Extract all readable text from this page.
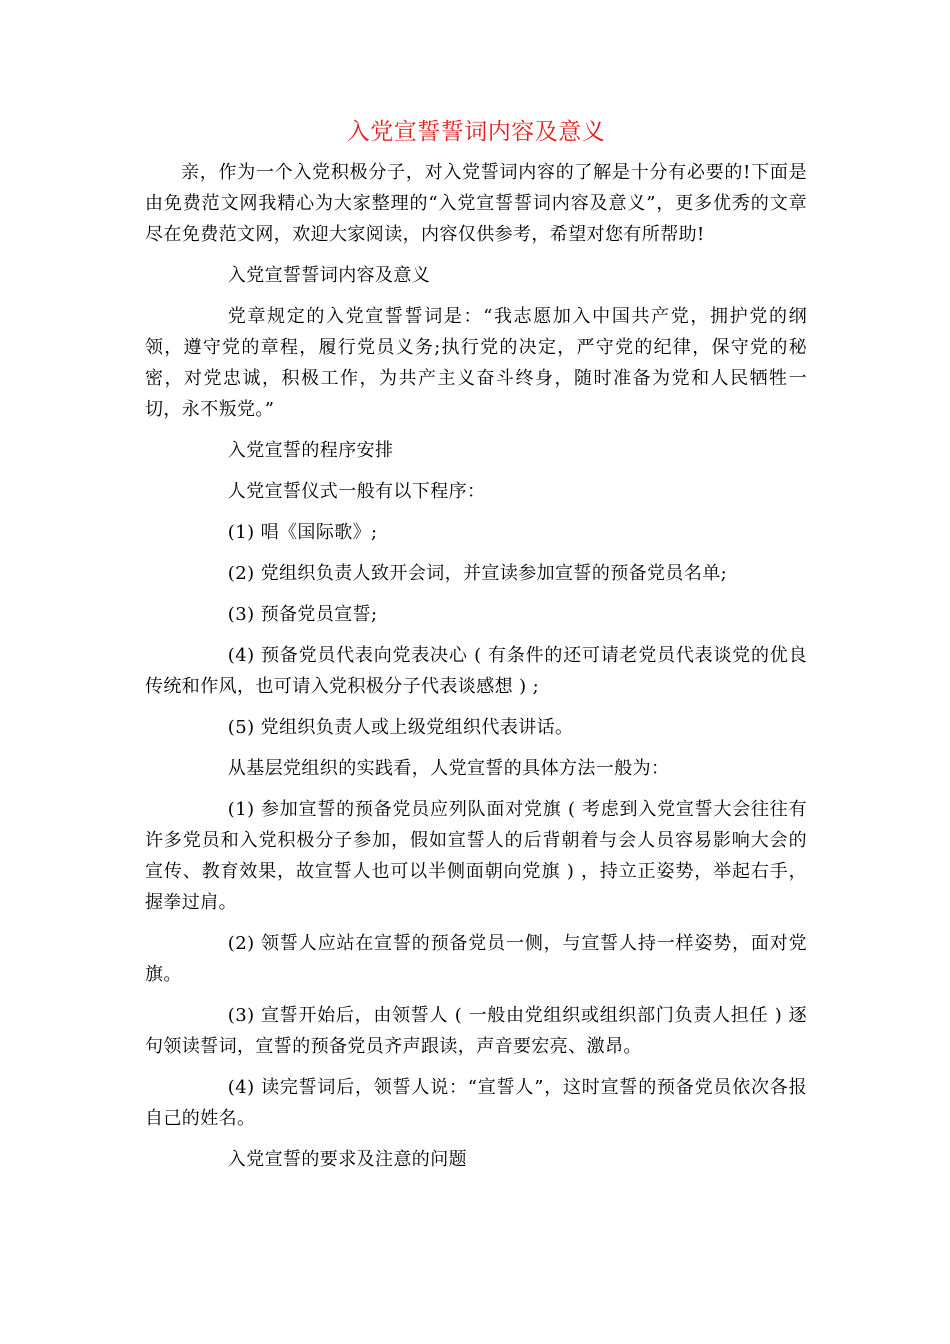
入党宣誓誓词内容及意义

亲，作为一个入党积极分子，对入党誓词内容的了解是十分有必要的!下面是由免费范文网我精心为大家整理的“入党宣誓誓词内容及意义”，更多优秀的文章尽在免费范文网，欢迎大家阅读，内容仅供参考，希望对您有所帮助!

入党宣誓誓词内容及意义

党章规定的入党宣誓誓词是：“我志愿加入中国共产党，拥护党的纲领，遵守党的章程，履行党员义务;执行党的决定，严守党的纪律，保守党的秘密，对党忠诚，积极工作，为共产主义奋斗终身，随时准备为党和人民牺牲一切，永不叛党。”

入党宣誓的程序安排

人党宣誓仪式一般有以下程序：

(1) 唱《国际歌》;

(2) 党组织负责人致开会词，并宣读参加宣誓的预备党员名单;

(3) 预备党员宣誓;

(4) 预备党员代表向党表决心 ( 有条件的还可请老党员代表谈党的优良传统和作风，也可请入党积极分子代表谈感想 ) ;

(5) 党组织负责人或上级党组织代表讲话。

从基层党组织的实践看，人党宣誓的具体方法一般为：

(1) 参加宣誓的预备党员应列队面对党旗 ( 考虑到入党宣誓大会往往有许多党员和入党积极分子参加，假如宣誓人的后背朝着与会人员容易影响大会的宣传、教育效果，故宣誓人也可以半侧面朝向党旗 ) ，持立正姿势，举起右手，握拳过肩。

(2) 领誓人应站在宣誓的预备党员一侧，与宣誓人持一样姿势，面对党旗。

(3) 宣誓开始后，由领誓人 ( 一般由党组织或组织部门负责人担任 ) 逐句领读誓词，宣誓的预备党员齐声跟读，声音要宏亮、激昂。

(4) 读完誓词后，领誓人说：“宣誓人”，这时宣誓的预备党员依次各报自己的姓名。

入党宣誓的要求及注意的问题
